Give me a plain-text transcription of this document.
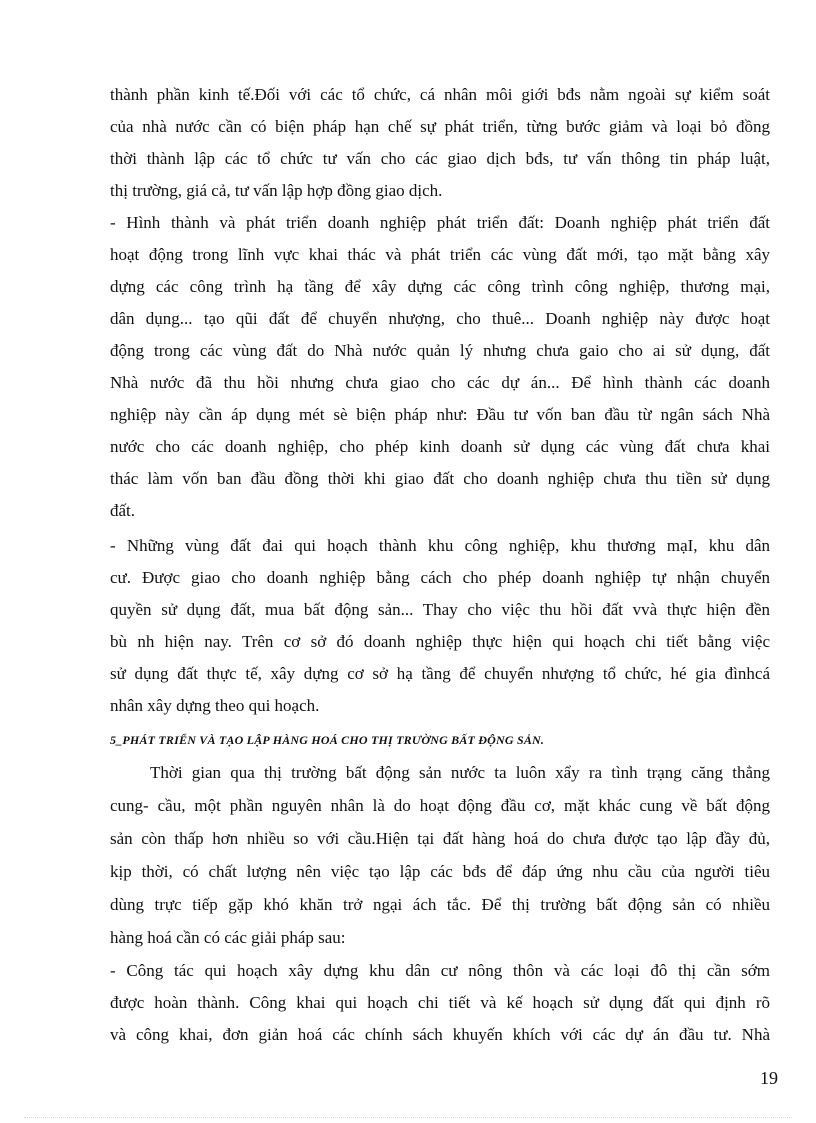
thành phần kinh tế.Đối với các tổ chức, cá nhân môi giới bđs nằm ngoài sự kiểm soát
của nhà nước cần có biện pháp hạn chế sự phát triển, từng bước giảm và loại bỏ đồng
thời thành lập các tổ chức tư vấn cho các giao dịch bđs, tư vấn thông tin pháp luật,
thị trường, giá cả, tư vấn lập hợp đồng giao dịch.
- Hình thành và phát triển doanh nghiệp phát triển đất: Doanh nghiệp phát triển đất
hoạt động trong lĩnh vực khai thác và phát triển các vùng đất mới, tạo mặt bằng xây
dựng các công trình hạ tầng để xây dựng các công trình công nghiệp, thương mại,
dân dụng... tạo qũi đất để chuyển nhượng, cho thuê... Doanh nghiệp này được hoạt
động trong các vùng đất do Nhà nước quản lý nhưng chưa gaio cho ai sử dụng, đất
Nhà nước đã thu hồi nhưng chưa giao cho các dự án... Để hình thành các doanh
nghiệp này cần áp dụng mét sè biện pháp như: Đầu tư vốn ban đầu từ ngân sách Nhà
nước cho các doanh nghiệp, cho phép kinh doanh sử dụng các vùng đất chưa khai
thác làm vốn ban đầu đồng thời khi giao đất cho doanh nghiệp chưa thu tiền sử dụng
đất.
- Những vùng đất đai qui hoạch thành khu công nghiệp, khu thương mạI, khu dân
cư. Được giao cho doanh nghiệp bằng cách cho phép doanh nghiệp tự nhận chuyển
quyền sử dụng đất, mua bất động sản... Thay cho việc thu hồi đất vvà thực hiện đền
bù nh hiện nay. Trên cơ sở đó doanh nghiệp thực hiện qui hoạch chi tiết bằng việc
sử dụng đất thực tế, xây dựng cơ sở hạ tầng để chuyển nhượng tổ chức, hé gia đìnhcá
nhân xây dựng theo qui hoạch.
5_PHÁT TRIỂN VÀ TẠO LẬP HÀNG HOÁ CHO THỊ TRƯỜNG BẤT ĐỘNG SẢN.
Thời gian qua thị trường bất động sản nước ta luôn xẩy ra tình trạng căng thẳng
cung- cầu, một phần nguyên nhân là do hoạt động đầu cơ, mặt khác cung về bất động
sản còn thấp hơn nhiều so với cầu.Hiện tại đất hàng hoá do chưa được tạo lập đầy đủ,
kịp thời, có chất lượng nên việc tạo lập các bđs để đáp ứng nhu cầu của người tiêu
dùng trực tiếp gặp khó khăn trở ngại ách tắc. Để thị trường bất động sản có nhiều
hàng hoá cần có các giải pháp sau:
- Công tác qui hoạch xây dựng khu dân cư nông thôn và các loại đô thị cần sớm
được hoàn thành. Công khai qui hoạch chi tiết và kế hoạch sử dụng đất qui định rõ
và công khai, đơn giản hoá các chính sách khuyến khích với các dự án đầu tư. Nhà
19
